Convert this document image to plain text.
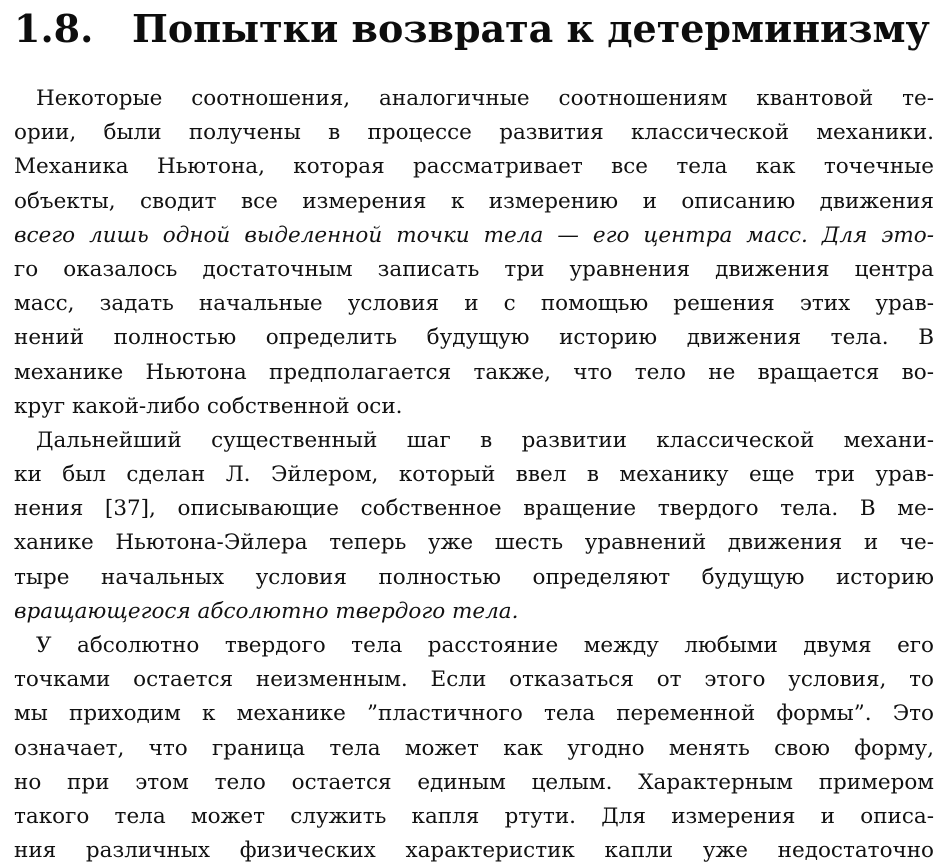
1.8. Попытки возврата к детерминизму
Некоторые соотношения, аналогичные соотношениям квантовой те-
ории, были получены в процессе развития классической механики.
Механика Ньютона, которая рассматривает все тела как точечные
объекты, сводит все измерения к измерению и описанию движения
всего лишь одной выделенной точки тела — его центра масс. Для это-
го оказалось достаточным записать три уравнения движения центра
масс, задать начальные условия и с помощью решения этих урав-
нений полностью определить будущую историю движения тела. В
механике Ньютона предполагается также, что тело не вращается во-
круг какой-либо собственной оси.
Дальнейший существенный шаг в развитии классической механи-
ки был сделан Л. Эйлером, который ввел в механику еще три урав-
нения [37], описывающие собственное вращение твердого тела. В ме-
ханике Ньютона-Эйлера теперь уже шесть уравнений движения и че-
тыре начальных условия полностью определяют будущую историю
вращающегося абсолютно твердого тела.
У абсолютно твердого тела расстояние между любыми двумя его
точками остается неизменным. Если отказаться от этого условия, то
мы приходим к механике ”пластичного тела переменной формы”. Это
означает, что граница тела может как угодно менять свою форму,
но при этом тело остается единым целым. Характерным примером
такого тела может служить капля ртути. Для измерения и описа-
ния различных физических характеристик капли уже недостаточно
